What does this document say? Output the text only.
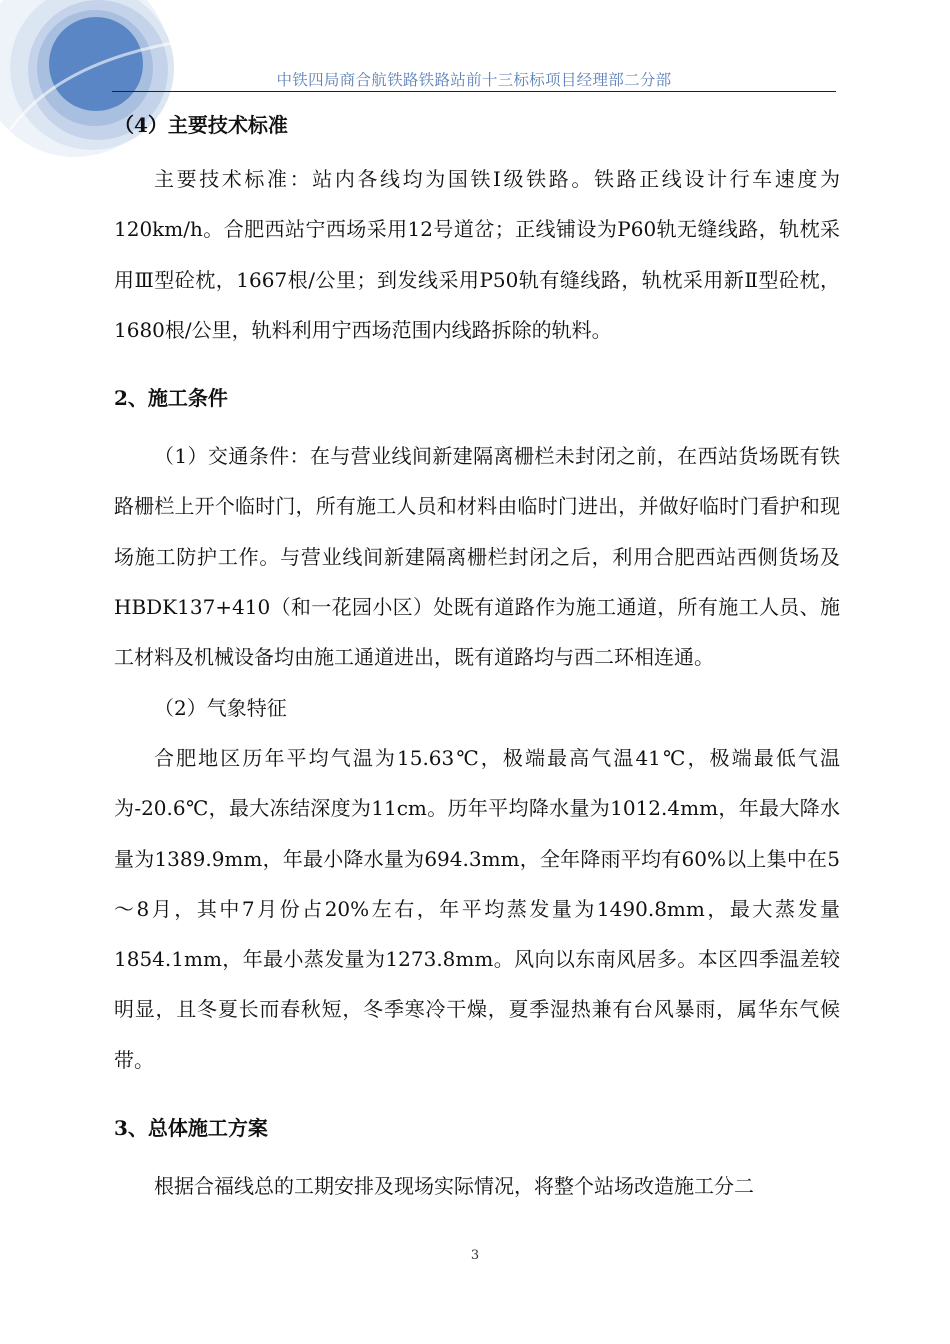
中铁四局商合航铁路铁路站前十三标标项目经理部二分部

（4）主要技术标准

主要技术标准：站内各线均为国铁Ⅰ级铁路。铁路正线设计行车速度为120km/h。合肥西站宁西场采用12号道岔；正线铺设为P60轨无缝线路，轨枕采用Ⅲ型砼枕，1667根/公里；到发线采用P50轨有缝线路，轨枕采用新Ⅱ型砼枕，1680根/公里，轨料利用宁西场范围内线路拆除的轨料。

2、施工条件

（1）交通条件：在与营业线间新建隔离栅栏未封闭之前，在西站货场既有铁路栅栏上开个临时门，所有施工人员和材料由临时门进出，并做好临时门看护和现场施工防护工作。与营业线间新建隔离栅栏封闭之后，利用合肥西站西侧货场及HBDK137+410（和一花园小区）处既有道路作为施工通道，所有施工人员、施工材料及机械设备均由施工通道进出，既有道路均与西二环相连通。

（2）气象特征

合肥地区历年平均气温为15.63℃，极端最高气温41℃，极端最低气温为-20.6℃，最大冻结深度为11cm。历年平均降水量为1012.4mm，年最大降水量为1389.9mm，年最小降水量为694.3mm，全年降雨平均有60%以上集中在5～8月，其中7月份占20%左右，年平均蒸发量为1490.8mm，最大蒸发量1854.1mm，年最小蒸发量为1273.8mm。风向以东南风居多。本区四季温差较明显，且冬夏长而春秋短，冬季寒冷干燥，夏季湿热兼有台风暴雨，属华东气候带。

3、总体施工方案

根据合福线总的工期安排及现场实际情况，将整个站场改造施工分二

3
